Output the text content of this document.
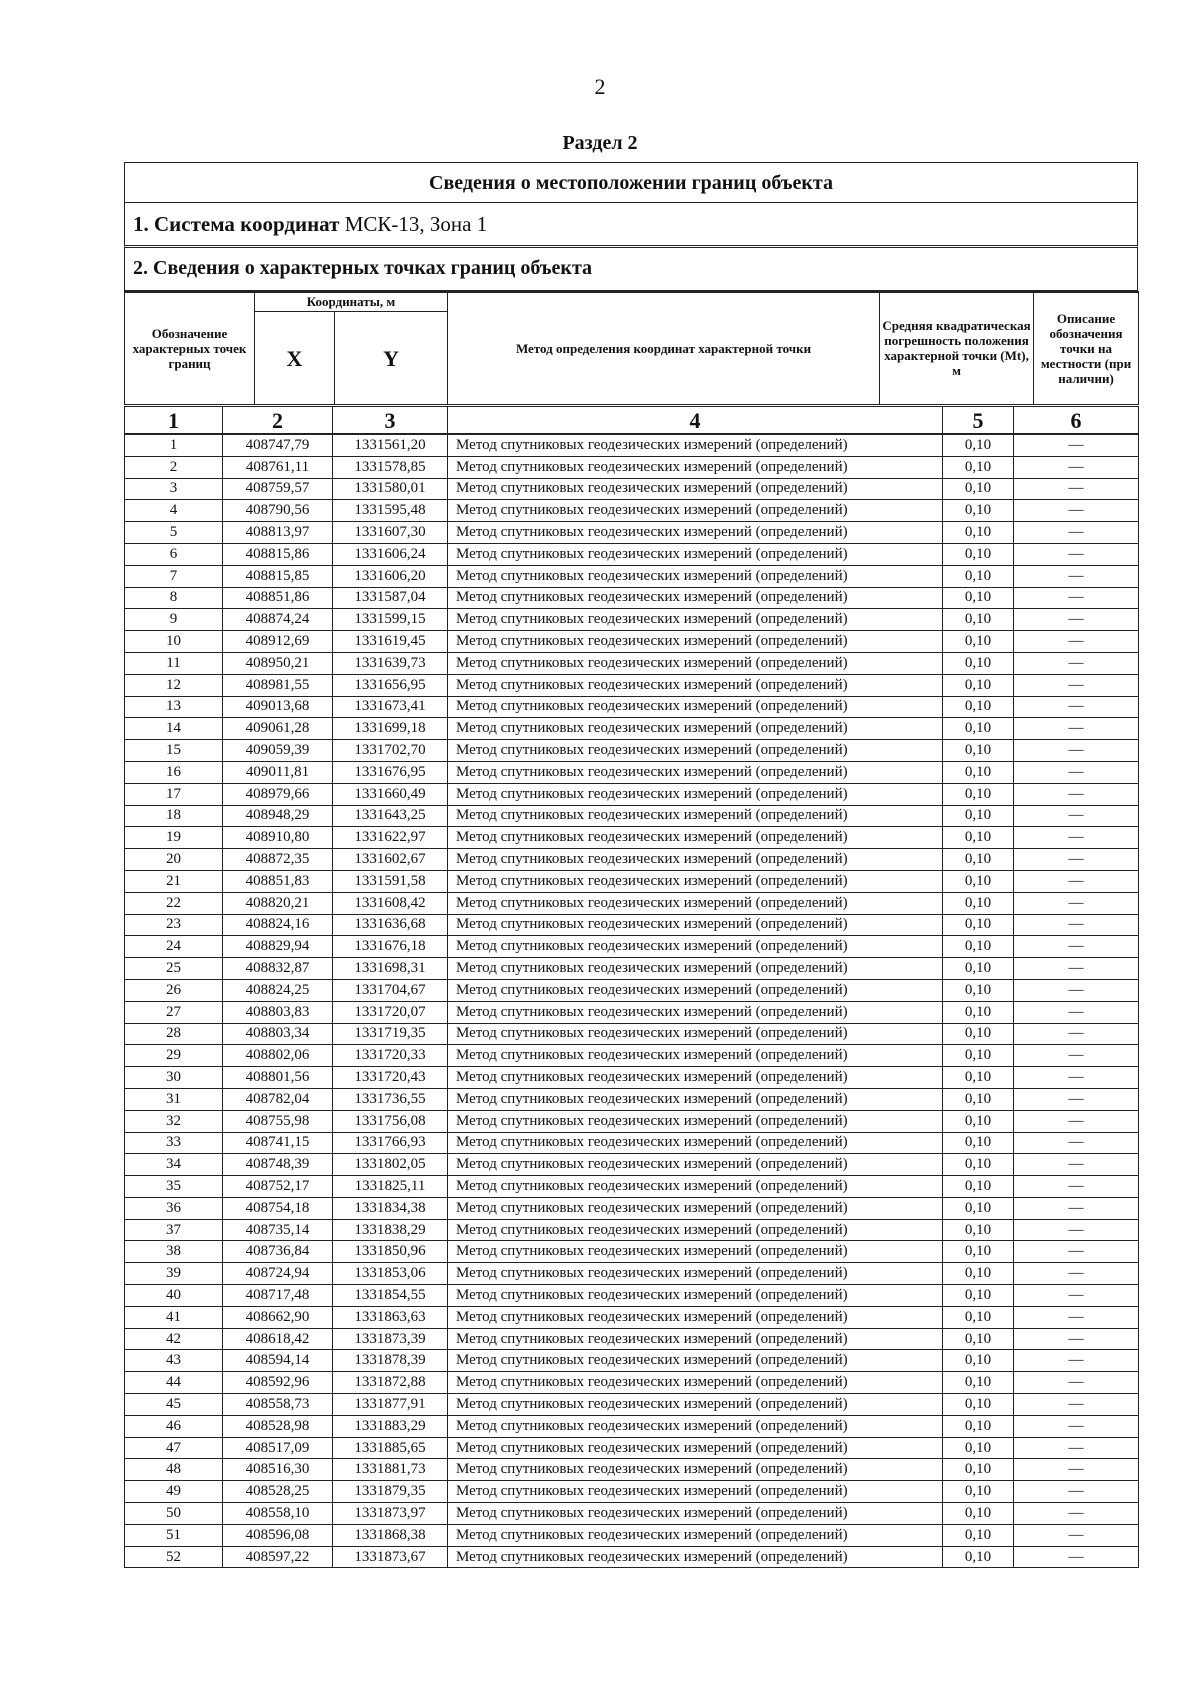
2
Раздел 2
Сведения о местоположении границ объекта
1. Система координат МСК-13, Зона 1
2. Сведения о характерных точках границ объекта
Обозначение характерных точек границ	Координаты, м		Метод определения координат характерной точки	Средняя квадратическая погрешность положения характерной точки (Mt), м	Описание обозначения точки на местности (при наличии)
	X	Y			
1	2	3	4	5	6
1	408747,79	1331561,20	Метод спутниковых геодезических измерений (определений)	0,10	—
2	408761,11	1331578,85	Метод спутниковых геодезических измерений (определений)	0,10	—
3	408759,57	1331580,01	Метод спутниковых геодезических измерений (определений)	0,10	—
4	408790,56	1331595,48	Метод спутниковых геодезических измерений (определений)	0,10	—
5	408813,97	1331607,30	Метод спутниковых геодезических измерений (определений)	0,10	—
6	408815,86	1331606,24	Метод спутниковых геодезических измерений (определений)	0,10	—
7	408815,85	1331606,20	Метод спутниковых геодезических измерений (определений)	0,10	—
8	408851,86	1331587,04	Метод спутниковых геодезических измерений (определений)	0,10	—
9	408874,24	1331599,15	Метод спутниковых геодезических измерений (определений)	0,10	—
10	408912,69	1331619,45	Метод спутниковых геодезических измерений (определений)	0,10	—
11	408950,21	1331639,73	Метод спутниковых геодезических измерений (определений)	0,10	—
12	408981,55	1331656,95	Метод спутниковых геодезических измерений (определений)	0,10	—
13	409013,68	1331673,41	Метод спутниковых геодезических измерений (определений)	0,10	—
14	409061,28	1331699,18	Метод спутниковых геодезических измерений (определений)	0,10	—
15	409059,39	1331702,70	Метод спутниковых геодезических измерений (определений)	0,10	—
16	409011,81	1331676,95	Метод спутниковых геодезических измерений (определений)	0,10	—
17	408979,66	1331660,49	Метод спутниковых геодезических измерений (определений)	0,10	—
18	408948,29	1331643,25	Метод спутниковых геодезических измерений (определений)	0,10	—
19	408910,80	1331622,97	Метод спутниковых геодезических измерений (определений)	0,10	—
20	408872,35	1331602,67	Метод спутниковых геодезических измерений (определений)	0,10	—
21	408851,83	1331591,58	Метод спутниковых геодезических измерений (определений)	0,10	—
22	408820,21	1331608,42	Метод спутниковых геодезических измерений (определений)	0,10	—
23	408824,16	1331636,68	Метод спутниковых геодезических измерений (определений)	0,10	—
24	408829,94	1331676,18	Метод спутниковых геодезических измерений (определений)	0,10	—
25	408832,87	1331698,31	Метод спутниковых геодезических измерений (определений)	0,10	—
26	408824,25	1331704,67	Метод спутниковых геодезических измерений (определений)	0,10	—
27	408803,83	1331720,07	Метод спутниковых геодезических измерений (определений)	0,10	—
28	408803,34	1331719,35	Метод спутниковых геодезических измерений (определений)	0,10	—
29	408802,06	1331720,33	Метод спутниковых геодезических измерений (определений)	0,10	—
30	408801,56	1331720,43	Метод спутниковых геодезических измерений (определений)	0,10	—
31	408782,04	1331736,55	Метод спутниковых геодезических измерений (определений)	0,10	—
32	408755,98	1331756,08	Метод спутниковых геодезических измерений (определений)	0,10	—
33	408741,15	1331766,93	Метод спутниковых геодезических измерений (определений)	0,10	—
34	408748,39	1331802,05	Метод спутниковых геодезических измерений (определений)	0,10	—
35	408752,17	1331825,11	Метод спутниковых геодезических измерений (определений)	0,10	—
36	408754,18	1331834,38	Метод спутниковых геодезических измерений (определений)	0,10	—
37	408735,14	1331838,29	Метод спутниковых геодезических измерений (определений)	0,10	—
38	408736,84	1331850,96	Метод спутниковых геодезических измерений (определений)	0,10	—
39	408724,94	1331853,06	Метод спутниковых геодезических измерений (определений)	0,10	—
40	408717,48	1331854,55	Метод спутниковых геодезических измерений (определений)	0,10	—
41	408662,90	1331863,63	Метод спутниковых геодезических измерений (определений)	0,10	—
42	408618,42	1331873,39	Метод спутниковых геодезических измерений (определений)	0,10	—
43	408594,14	1331878,39	Метод спутниковых геодезических измерений (определений)	0,10	—
44	408592,96	1331872,88	Метод спутниковых геодезических измерений (определений)	0,10	—
45	408558,73	1331877,91	Метод спутниковых геодезических измерений (определений)	0,10	—
46	408528,98	1331883,29	Метод спутниковых геодезических измерений (определений)	0,10	—
47	408517,09	1331885,65	Метод спутниковых геодезических измерений (определений)	0,10	—
48	408516,30	1331881,73	Метод спутниковых геодезических измерений (определений)	0,10	—
49	408528,25	1331879,35	Метод спутниковых геодезических измерений (определений)	0,10	—
50	408558,10	1331873,97	Метод спутниковых геодезических измерений (определений)	0,10	—
51	408596,08	1331868,38	Метод спутниковых геодезических измерений (определений)	0,10	—
52	408597,22	1331873,67	Метод спутниковых геодезических измерений (определений)	0,10	—
